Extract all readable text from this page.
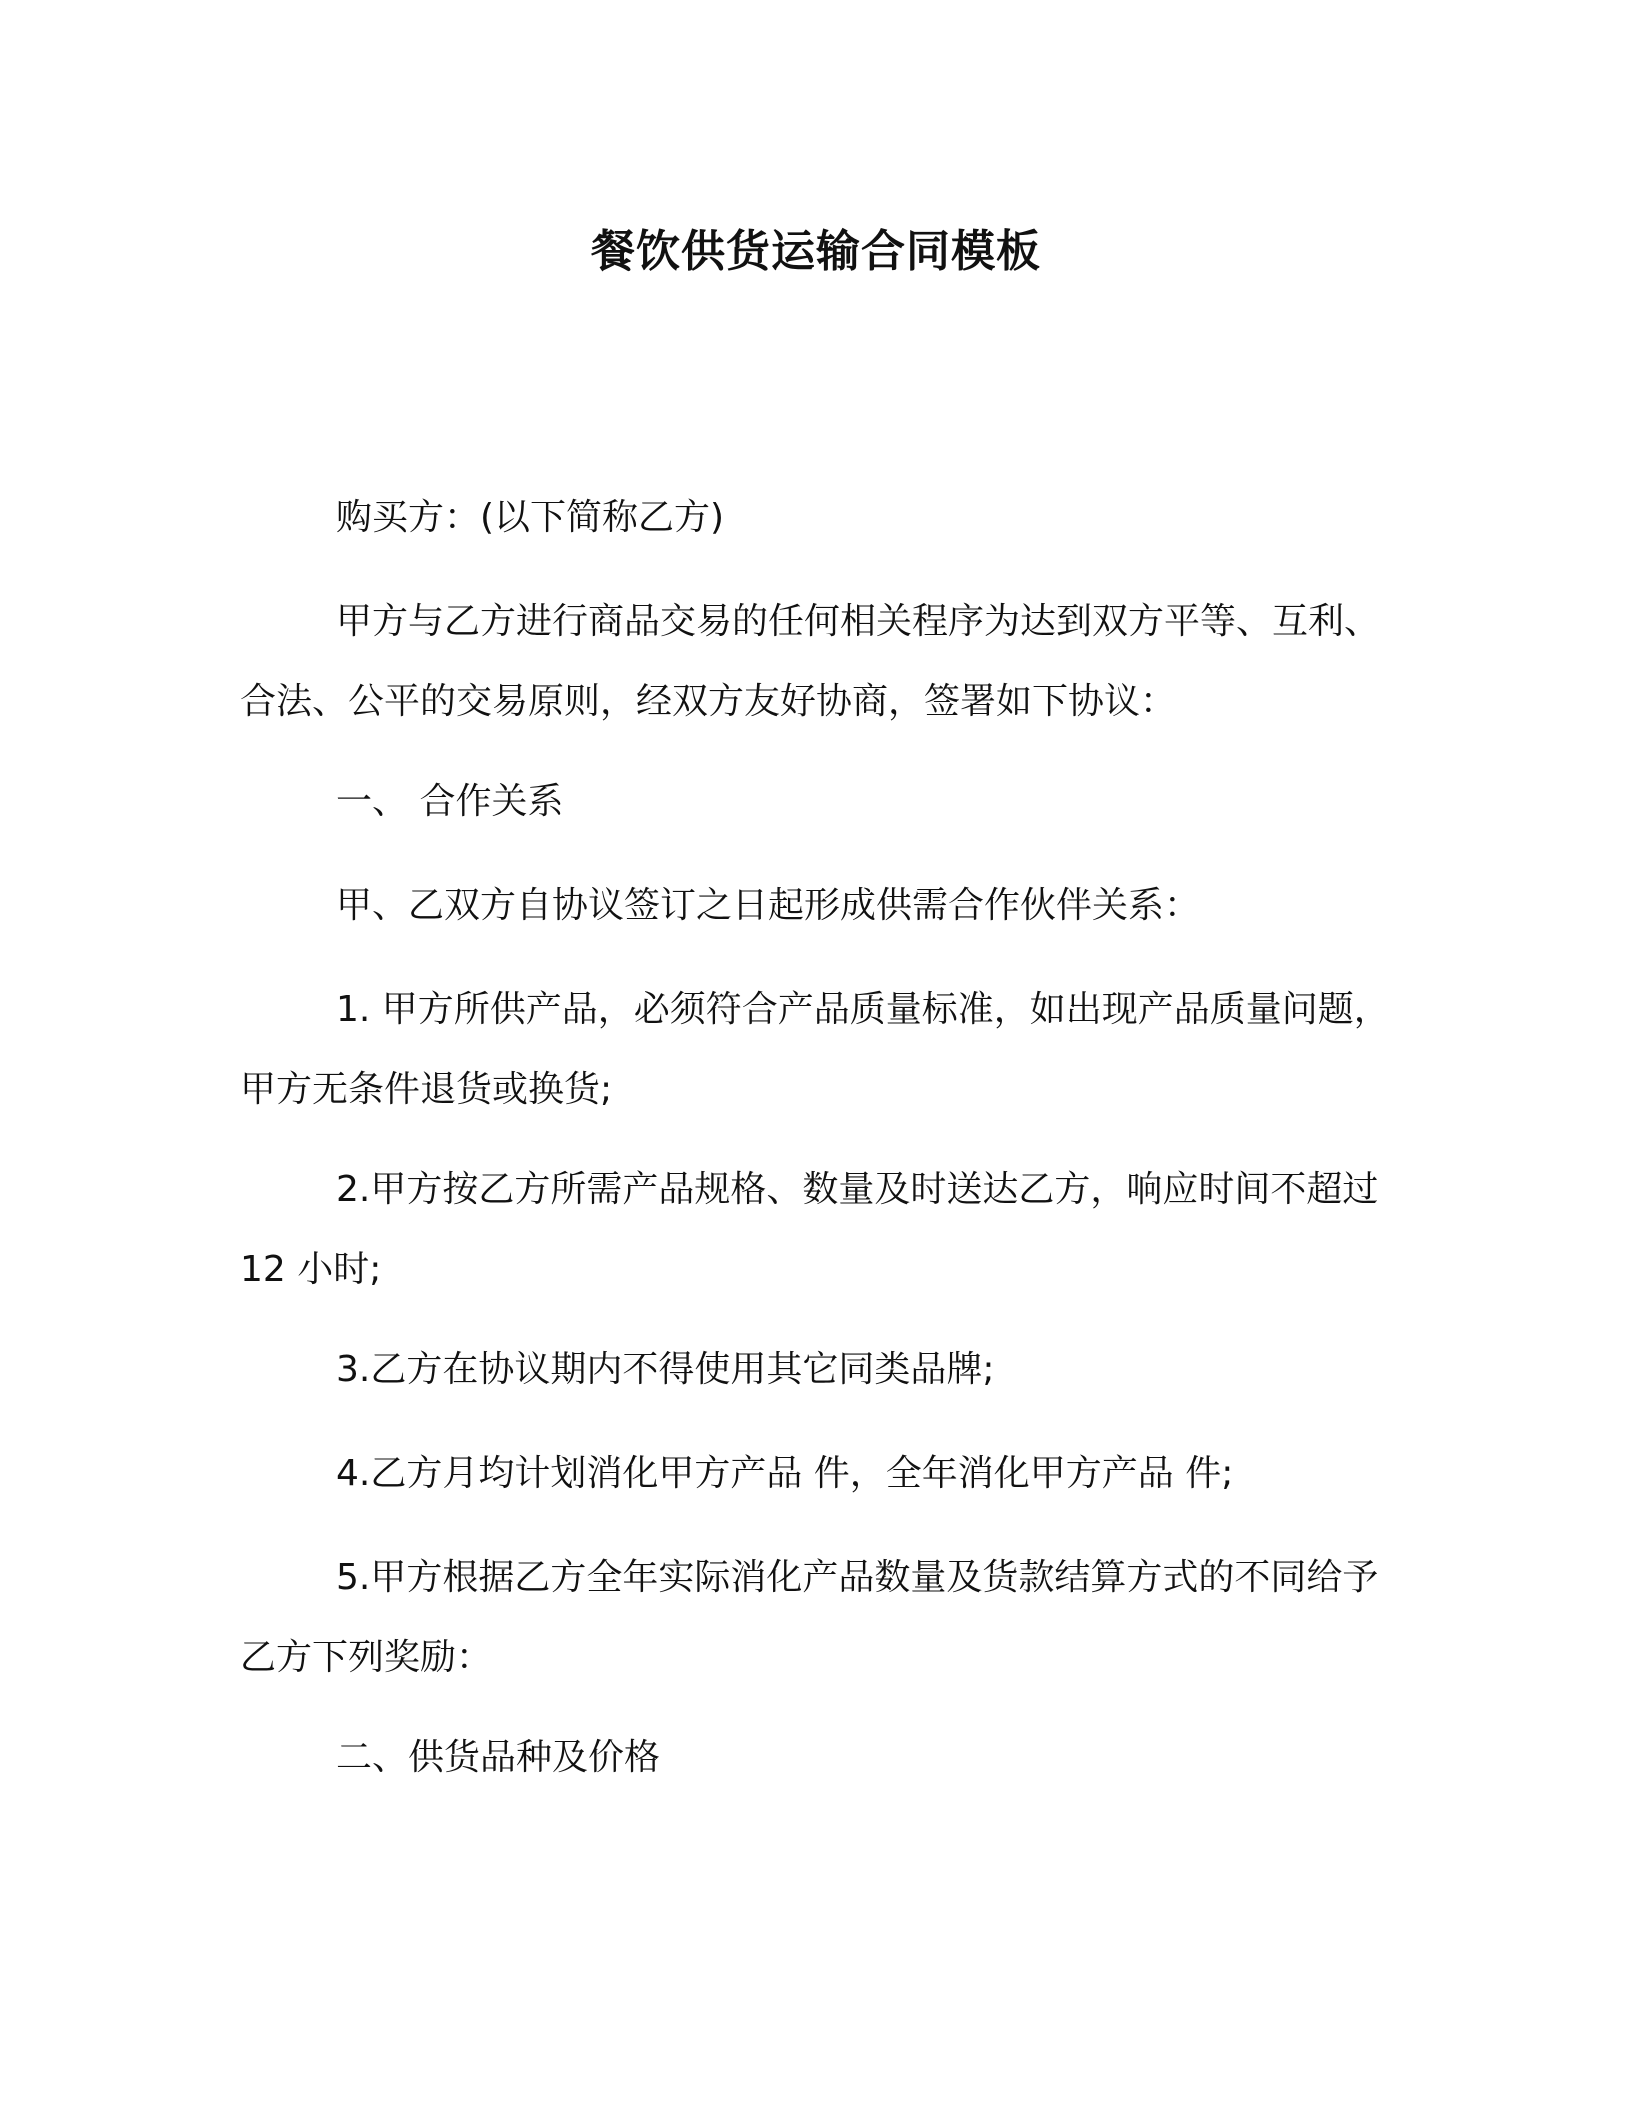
餐饮供货运输合同模板
购买方：(以下简称乙方)
甲方与乙方进行商品交易的任何相关程序为达到双方平等、互利、合法、公平的交易原则，经双方友好协商，签署如下协议：
一、 合作关系
甲、乙双方自协议签订之日起形成供需合作伙伴关系：
1. 甲方所供产品，必须符合产品质量标准，如出现产品质量问题，甲方无条件退货或换货;
2.甲方按乙方所需产品规格、数量及时送达乙方，响应时间不超过 12 小时;
3.乙方在协议期内不得使用其它同类品牌;
4.乙方月均计划消化甲方产品 件，全年消化甲方产品 件;
5.甲方根据乙方全年实际消化产品数量及货款结算方式的不同给予乙方下列奖励：
二、供货品种及价格
